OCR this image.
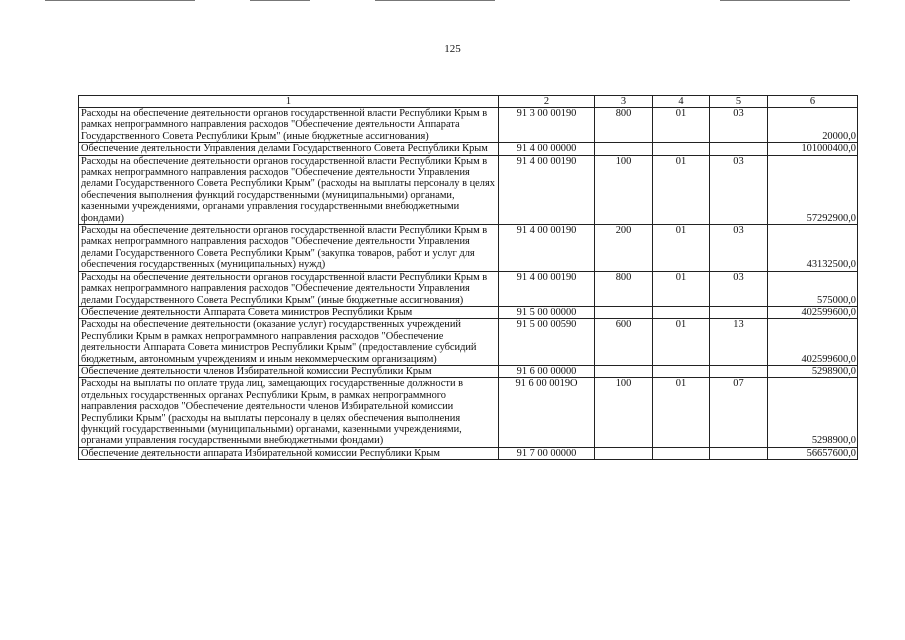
125
1	2	3	4	5	6
Расходы на обеспечение деятельности органов государственной власти Республики Крым в рамках непрограммного направления расходов "Обеспечение деятельности Аппарата Государственного Совета Республики Крым" (иные бюджетные ассигнования)	91 3 00 00190	800	01	03	20000,0
Обеспечение деятельности Управления делами Государственного Совета Республики Крым	91 4 00 00000				101000400,0
Расходы на обеспечение деятельности органов государственной власти Республики Крым в рамках непрограммного направления расходов "Обеспечение деятельности Управления делами Государственного Совета Республики Крым" (расходы на выплаты персоналу в целях обеспечения выполнения функций государственными (муниципальными) органами, казенными учреждениями, органами управления государственными внебюджетными фондами)	91 4 00 00190	100	01	03	57292900,0
Расходы на обеспечение деятельности органов государственной власти Республики Крым в рамках непрограммного направления расходов "Обеспечение деятельности Управления делами Государственного Совета Республики Крым" (закупка товаров, работ и услуг для обеспечения государственных (муниципальных) нужд)	91 4 00 00190	200	01	03	43132500,0
Расходы на обеспечение деятельности органов государственной власти Республики Крым в рамках непрограммного направления расходов "Обеспечение деятельности Управления делами Государственного Совета Республики Крым" (иные бюджетные ассигнования)	91 4 00 00190	800	01	03	575000,0
Обеспечение деятельности Аппарата Совета министров Республики Крым	91 5 00 00000				402599600,0
Расходы на обеспечение деятельности (оказание услуг) государственных учреждений Республики Крым в рамках непрограммного направления расходов "Обеспечение деятельности Аппарата Совета министров Республики Крым" (предоставление субсидий бюджетным, автономным учреждениям и иным некоммерческим организациям)	91 5 00 00590	600	01	13	402599600,0
Обеспечение деятельности членов Избирательной комиссии Республики Крым	91 6 00 00000				5298900,0
Расходы на выплаты по оплате труда лиц, замещающих государственные должности в отдельных государственных органах Республики Крым, в рамках непрограммного направления расходов "Обеспечение деятельности членов Избирательной комиссии Республики Крым" (расходы на выплаты персоналу в целях обеспечения выполнения функций государственными (муниципальными) органами, казенными учреждениями, органами управления государственными внебюджетными фондами)	91 6 00 0019О	100	01	07	5298900,0
Обеспечение деятельности аппарата Избирательной комиссии Республики Крым	91 7 00 00000				56657600,0
